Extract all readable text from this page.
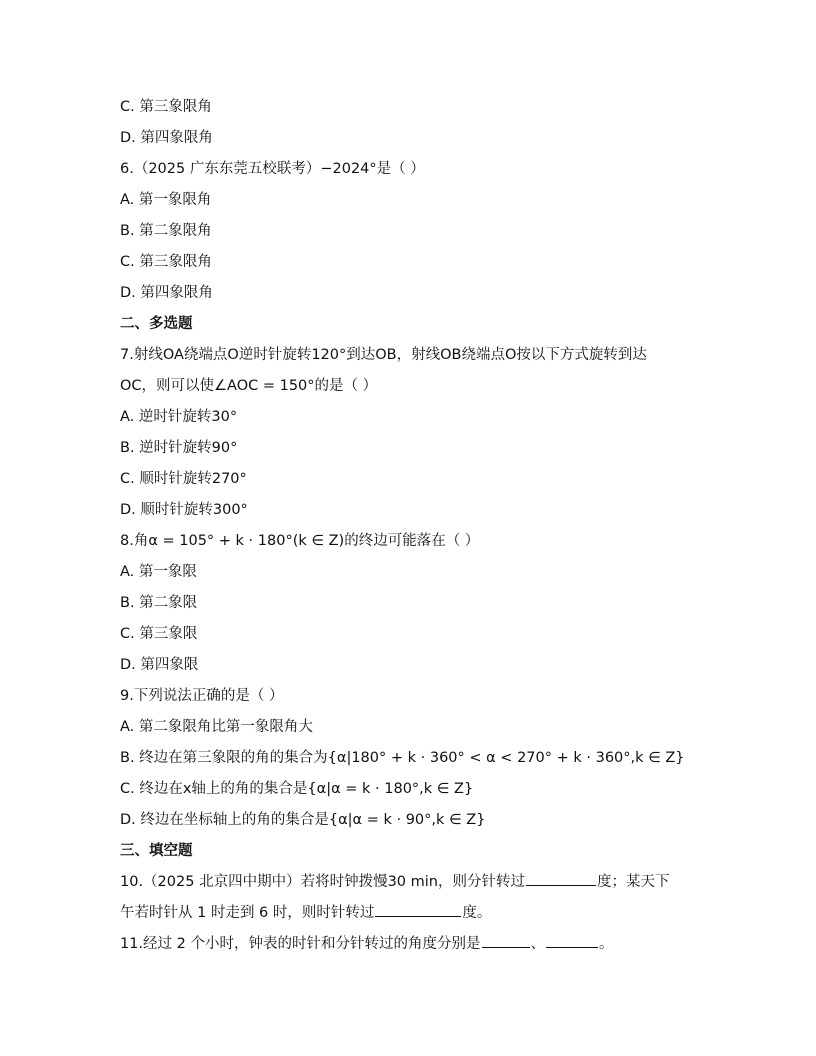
C. 第三象限角
D. 第四象限角
6.（2025 广东东莞五校联考）−2024°是（ ）
A. 第一象限角
B. 第二象限角
C. 第三象限角
D. 第四象限角
二、多选题
7.射线OA绕端点O逆时针旋转120°到达OB，射线OB绕端点O按以下方式旋转到达
OC，则可以使∠AOC = 150°的是（ ）
A. 逆时针旋转30°
B. 逆时针旋转90°
C. 顺时针旋转270°
D. 顺时针旋转300°
8.角α = 105° + k · 180°(k ∈ Z)的终边可能落在（ ）
A. 第一象限
B. 第二象限
C. 第三象限
D. 第四象限
9.下列说法正确的是（ ）
A. 第二象限角比第一象限角大
B. 终边在第三象限的角的集合为{α|180° + k · 360° < α < 270° + k · 360°,k ∈ Z}
C. 终边在x轴上的角的集合是{α|α = k · 180°,k ∈ Z}
D. 终边在坐标轴上的角的集合是{α|α = k · 90°,k ∈ Z}
三、填空题
10.（2025 北京四中期中）若将时钟拨慢30 min，则分针转过	度；某天下
午若时针从 1 时走到 6 时，则时针转过	度。
11.经过 2 个小时，钟表的时针和分针转过的角度分别是	、	。
